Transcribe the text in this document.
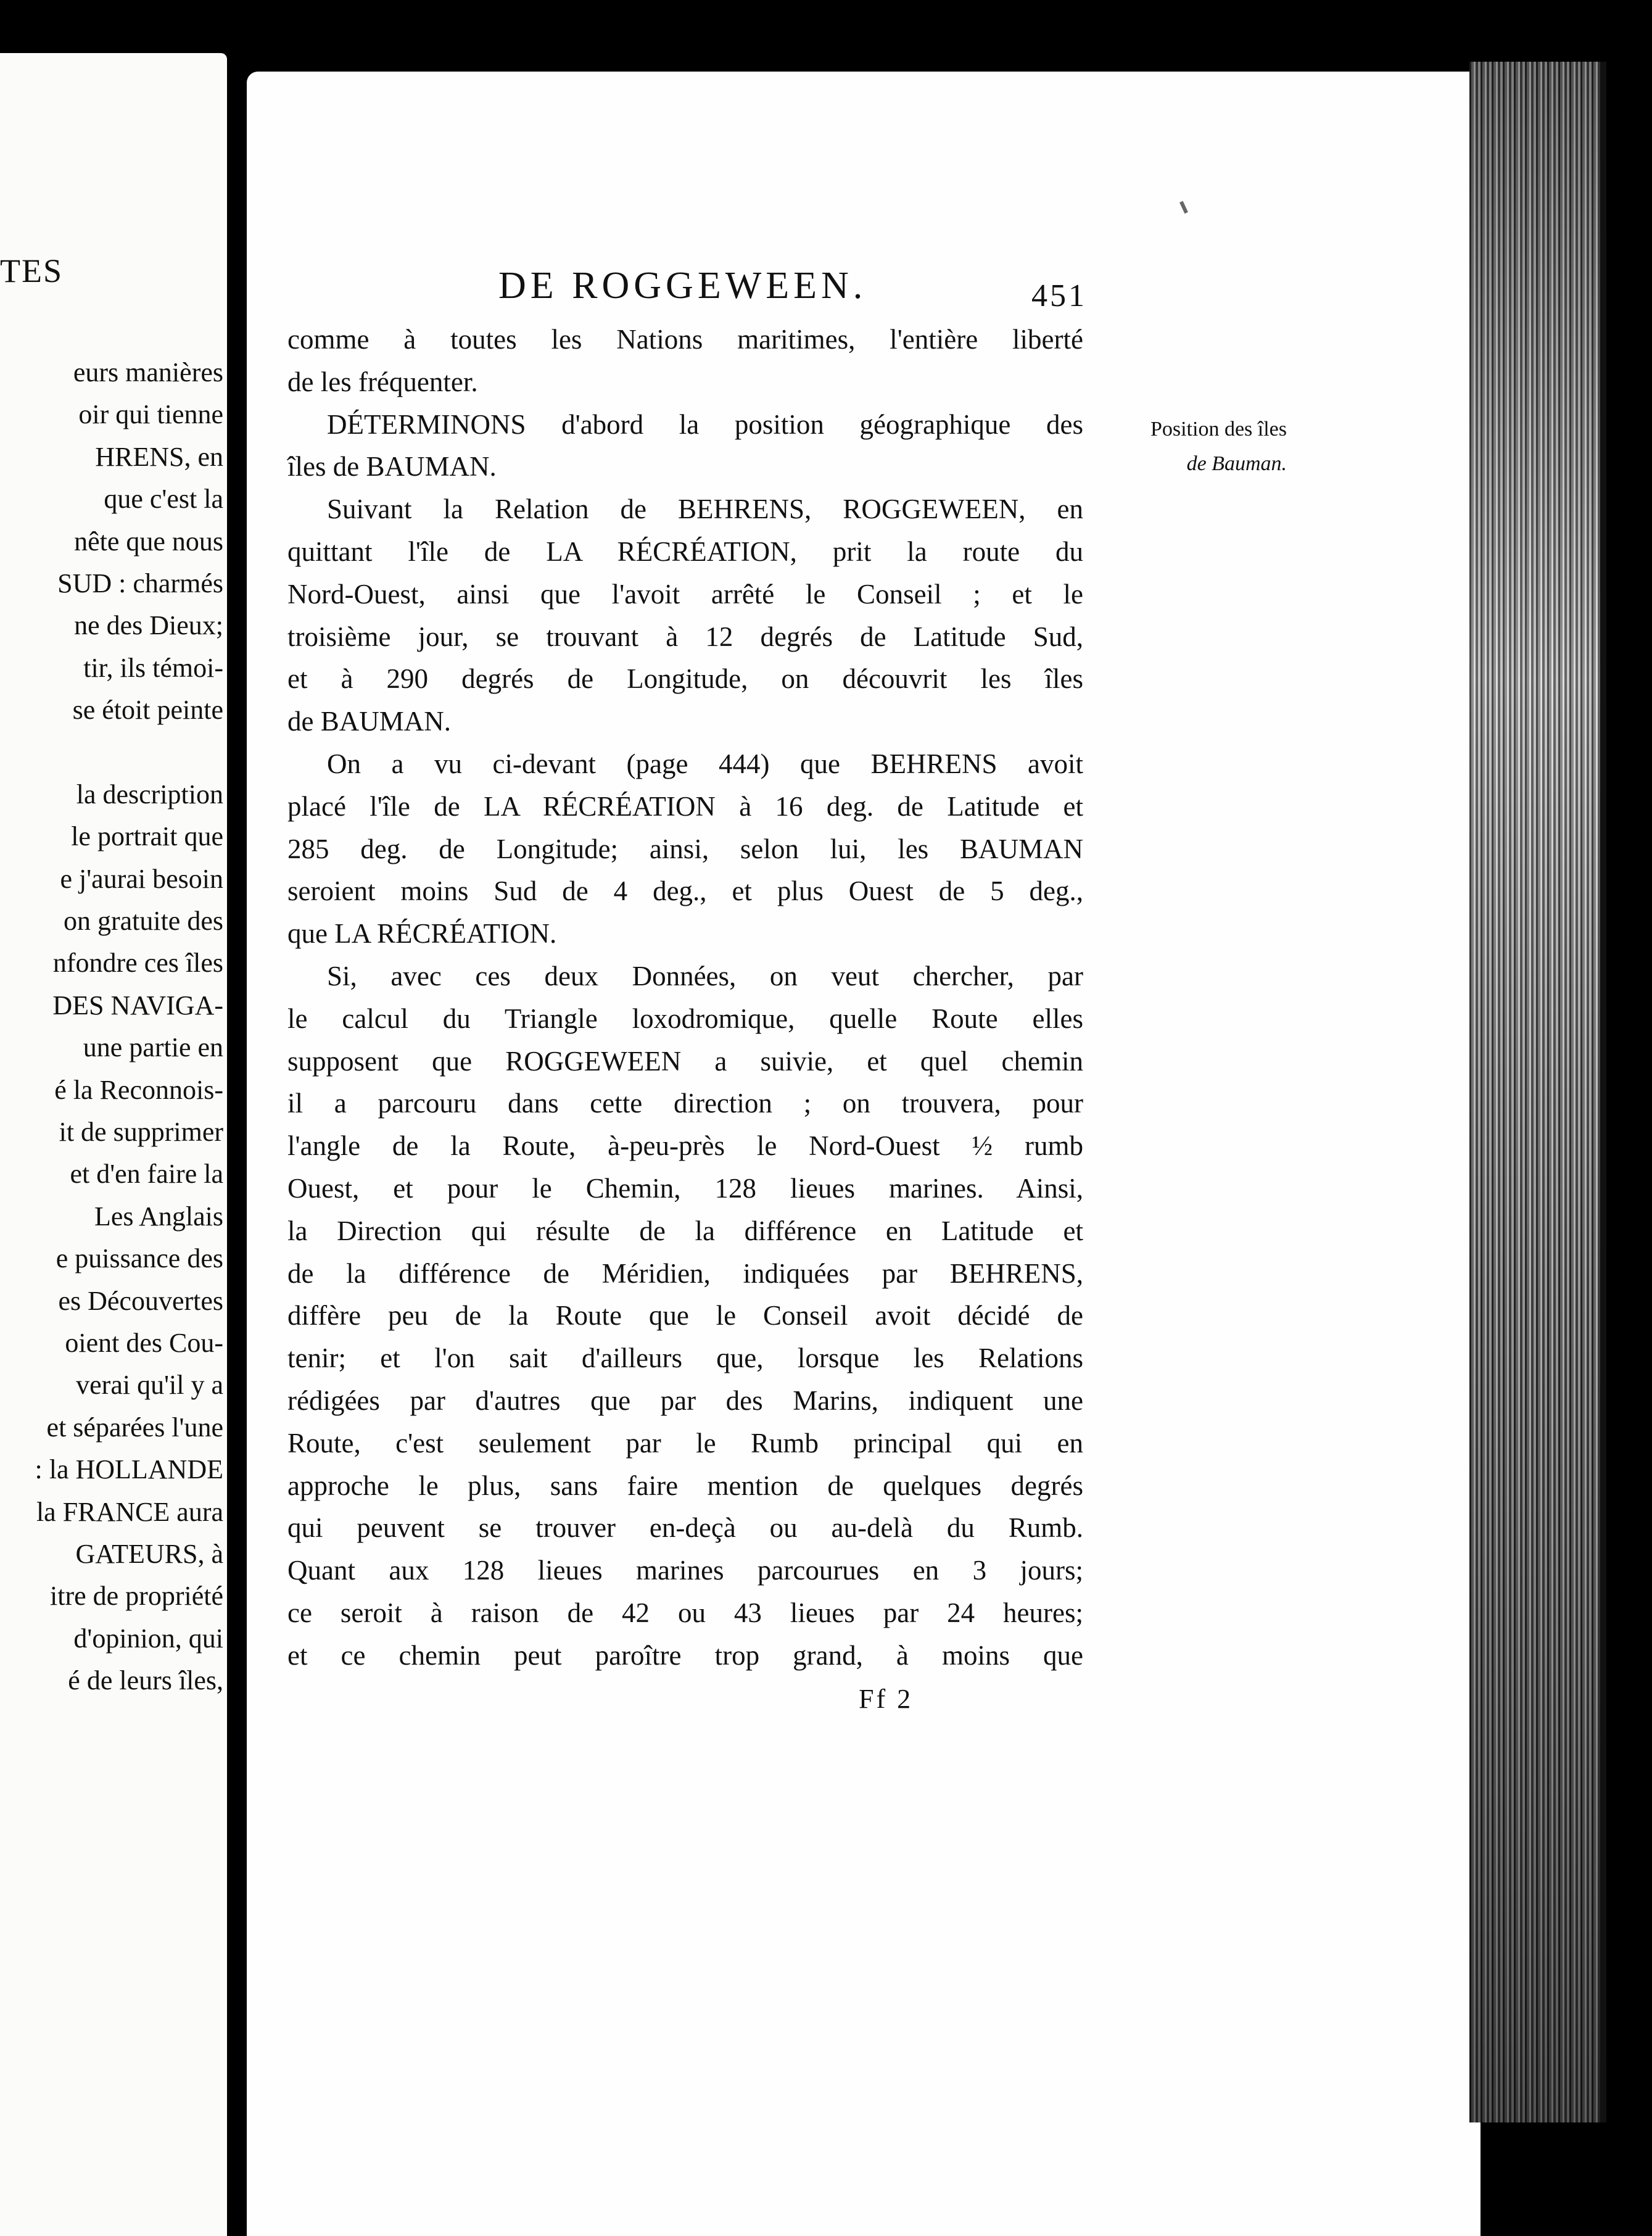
TES
eurs manières
oir qui tienne
HRENS, en
que c'est la
nête que nous
SUD : charmés
ne des Dieux;
tir, ils témoi-
se étoit peinte
la description
le portrait que
e j'aurai besoin
on gratuite des
nfondre ces îles
DES NAVIGA-
une partie en
é la Reconnois-
it de supprimer
et d'en faire la
Les Anglais
e puissance des
es Découvertes
oient des Cou-
verai qu'il y a
et séparées l'une
: la HOLLANDE
la FRANCE aura
GATEURS, à
itre de propriété
d'opinion, qui
é de leurs îles,
DE ROGGEWEEN.	451
comme à toutes les Nations maritimes, l'entière liberté
de les fréquenter.
DÉTERMINONS d'abord la position géographique des
îles de BAUMAN.
Suivant la Relation de BEHRENS, ROGGEWEEN, en
quittant l'île de LA RÉCRÉATION, prit la route du
Nord-Ouest, ainsi que l'avoit arrêté le Conseil ; et le
troisième jour, se trouvant à 12 degrés de Latitude Sud,
et à 290 degrés de Longitude, on découvrit les îles
de BAUMAN.
On a vu ci-devant (page 444) que BEHRENS avoit
placé l'île de LA RÉCRÉATION à 16 deg. de Latitude et
285 deg. de Longitude; ainsi, selon lui, les BAUMAN
seroient moins Sud de 4 deg., et plus Ouest de 5 deg.,
que LA RÉCRÉATION.
Si, avec ces deux Données, on veut chercher, par
le calcul du Triangle loxodromique, quelle Route elles
supposent que ROGGEWEEN a suivie, et quel chemin
il a parcouru dans cette direction ; on trouvera, pour
l'angle de la Route, à-peu-près le Nord-Ouest ½ rumb
Ouest, et pour le Chemin, 128 lieues marines. Ainsi,
la Direction qui résulte de la différence en Latitude et
de la différence de Méridien, indiquées par BEHRENS,
diffère peu de la Route que le Conseil avoit décidé de
tenir; et l'on sait d'ailleurs que, lorsque les Relations
rédigées par d'autres que par des Marins, indiquent une
Route, c'est seulement par le Rumb principal qui en
approche le plus, sans faire mention de quelques degrés
qui peuvent se trouver en-deçà ou au-delà du Rumb.
Quant aux 128 lieues marines parcourues en 3 jours;
ce seroit à raison de 42 ou 43 lieues par 24 heures;
et ce chemin peut paroître trop grand, à moins que
Position des îles
de Bauman.
Ff 2
